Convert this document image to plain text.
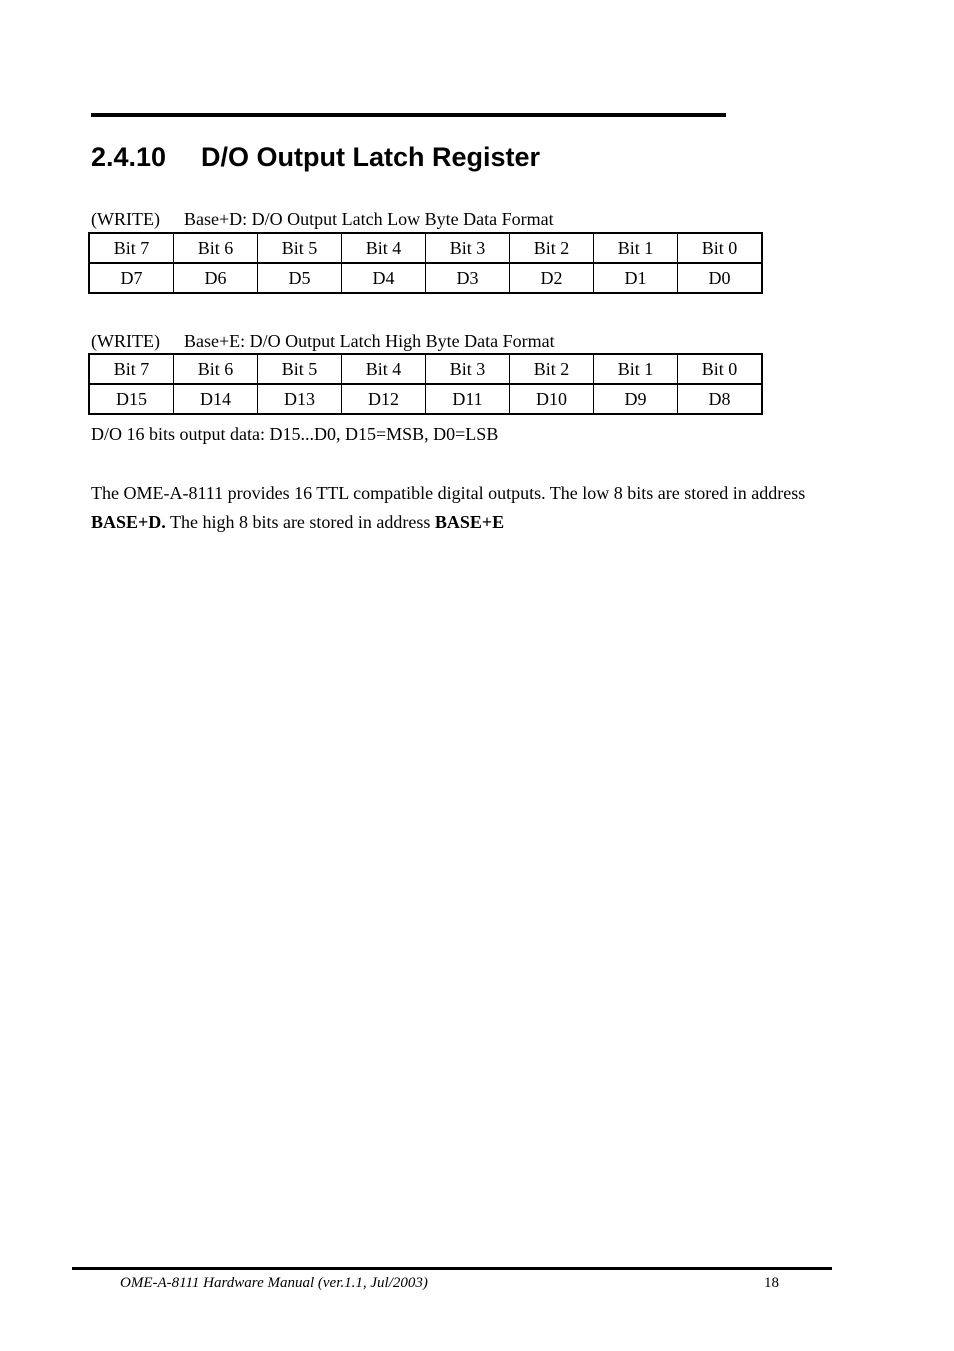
2.4.10 D/O Output Latch Register
(WRITE) Base+D: D/O Output Latch Low Byte Data Format
Bit 7	Bit 6	Bit 5	Bit 4	Bit 3	Bit 2	Bit 1	Bit 0
D7	D6	D5	D4	D3	D2	D1	D0
(WRITE) Base+E: D/O Output Latch High Byte Data Format
Bit 7	Bit 6	Bit 5	Bit 4	Bit 3	Bit 2	Bit 1	Bit 0
D15	D14	D13	D12	D11	D10	D9	D8
D/O 16 bits output data: D15...D0, D15=MSB, D0=LSB
The OME-A-8111 provides 16 TTL compatible digital outputs. The low 8 bits are stored in address BASE+D. The high 8 bits are stored in address BASE+E
OME-A-8111 Hardware Manual (ver.1.1, Jul/2003)	18
